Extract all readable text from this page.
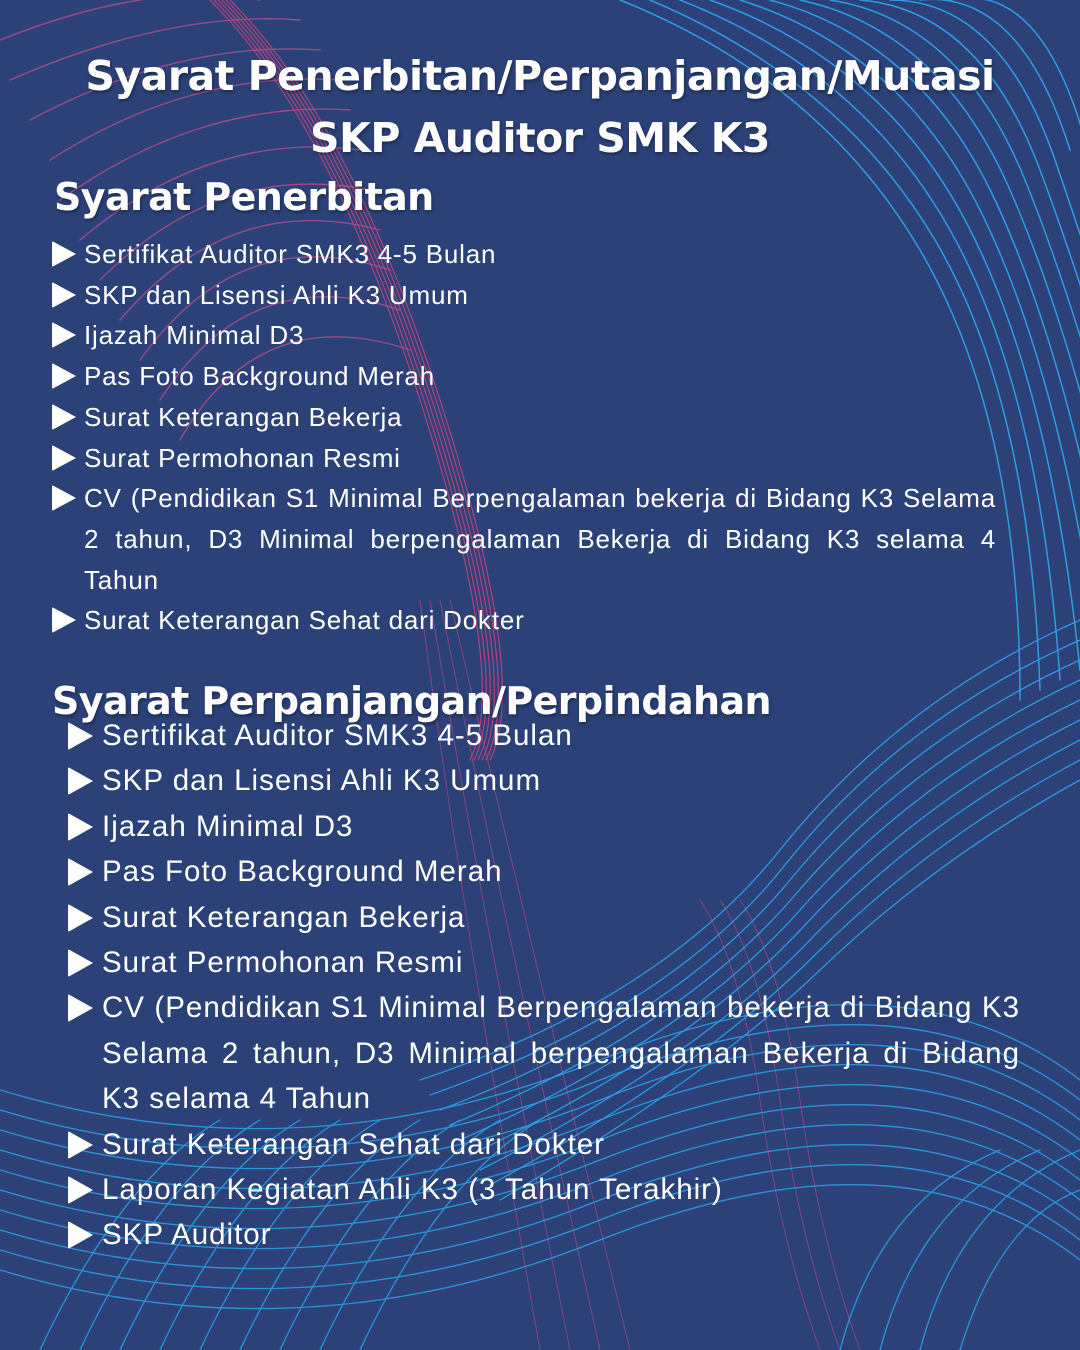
Syarat Penerbitan/Perpanjangan/Mutasi
SKP Auditor SMK K3
Syarat Penerbitan
Sertifikat Auditor SMK3 4-5 Bulan
SKP dan Lisensi Ahli K3 Umum
Ijazah Minimal D3
Pas Foto Background Merah
Surat Keterangan Bekerja
Surat Permohonan Resmi
CV (Pendidikan S1 Minimal Berpengalaman bekerja di Bidang K3 Selama 2 tahun, D3 Minimal berpengalaman Bekerja di Bidang K3 selama 4 Tahun
Surat Keterangan Sehat dari Dokter
Syarat Perpanjangan/Perpindahan
Sertifikat Auditor SMK3 4-5 Bulan
SKP dan Lisensi Ahli K3 Umum
Ijazah Minimal D3
Pas Foto Background Merah
Surat Keterangan Bekerja
Surat Permohonan Resmi
CV (Pendidikan S1 Minimal Berpengalaman bekerja di Bidang K3 Selama 2 tahun, D3 Minimal berpengalaman Bekerja di Bidang K3 selama 4 Tahun
Surat Keterangan Sehat dari Dokter
Laporan Kegiatan Ahli K3 (3 Tahun Terakhir)
SKP Auditor
